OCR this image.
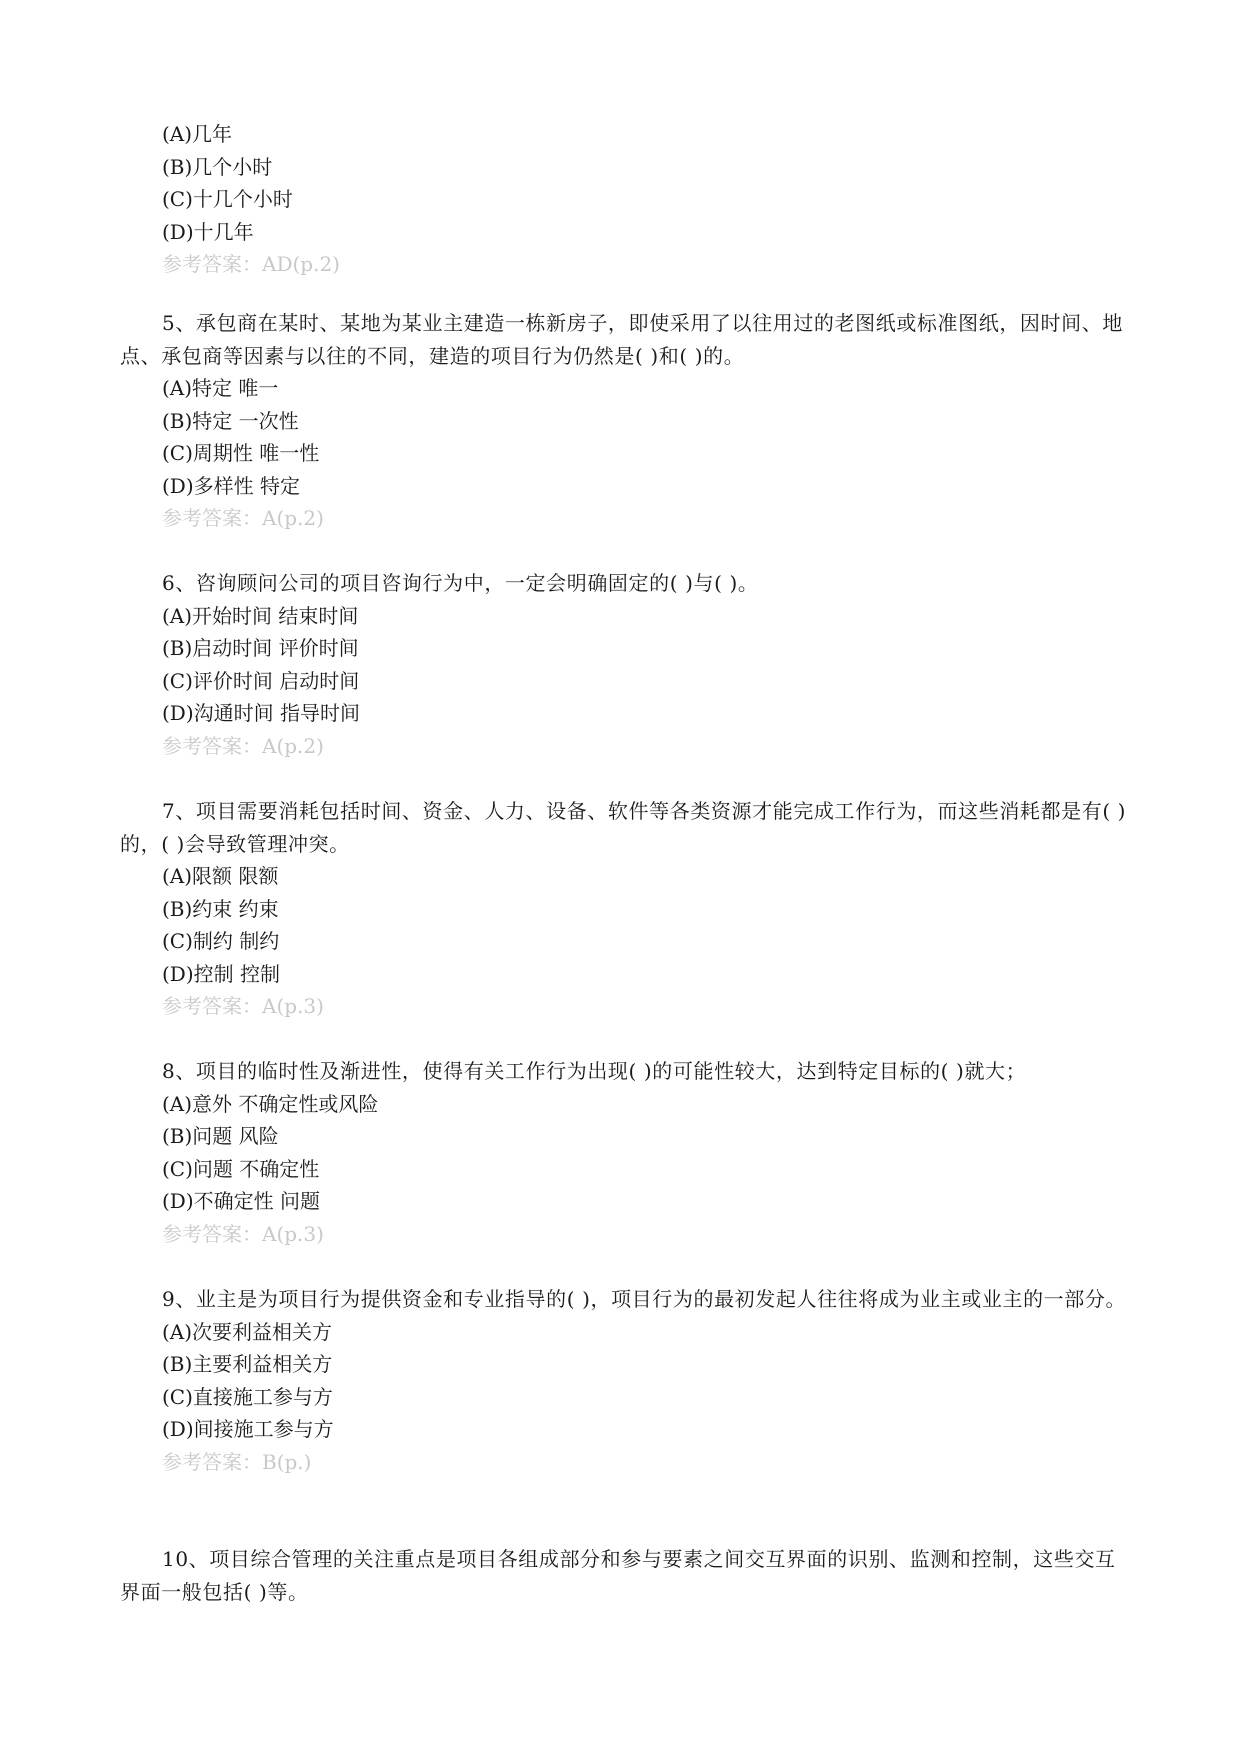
(A)几年
(B)几个小时
(C)十几个小时
(D)十几年
参考答案：AD(p.2)
5、承包商在某时、某地为某业主建造一栋新房子，即使采用了以往用过的老图纸或标准图纸，因时间、地点、承包商等因素与以往的不同，建造的项目行为仍然是( )和( )的。
(A)特定 唯一
(B)特定 一次性
(C)周期性 唯一性
(D)多样性 特定
参考答案：A(p.2)
6、咨询顾问公司的项目咨询行为中，一定会明确固定的( )与( )。
(A)开始时间 结束时间
(B)启动时间 评价时间
(C)评价时间 启动时间
(D)沟通时间 指导时间
参考答案：A(p.2)
7、项目需要消耗包括时间、资金、人力、设备、软件等各类资源才能完成工作行为，而这些消耗都是有( )的，( )会导致管理冲突。
(A)限额 限额
(B)约束 约束
(C)制约 制约
(D)控制 控制
参考答案：A(p.3)
8、项目的临时性及渐进性，使得有关工作行为出现( )的可能性较大，达到特定目标的( )就大；
(A)意外 不确定性或风险
(B)问题 风险
(C)问题 不确定性
(D)不确定性 问题
参考答案：A(p.3)
9、业主是为项目行为提供资金和专业指导的( )，项目行为的最初发起人往往将成为业主或业主的一部分。
(A)次要利益相关方
(B)主要利益相关方
(C)直接施工参与方
(D)间接施工参与方
参考答案：B(p.)
10、项目综合管理的关注重点是项目各组成部分和参与要素之间交互界面的识别、监测和控制，这些交互界面一般包括( )等。
